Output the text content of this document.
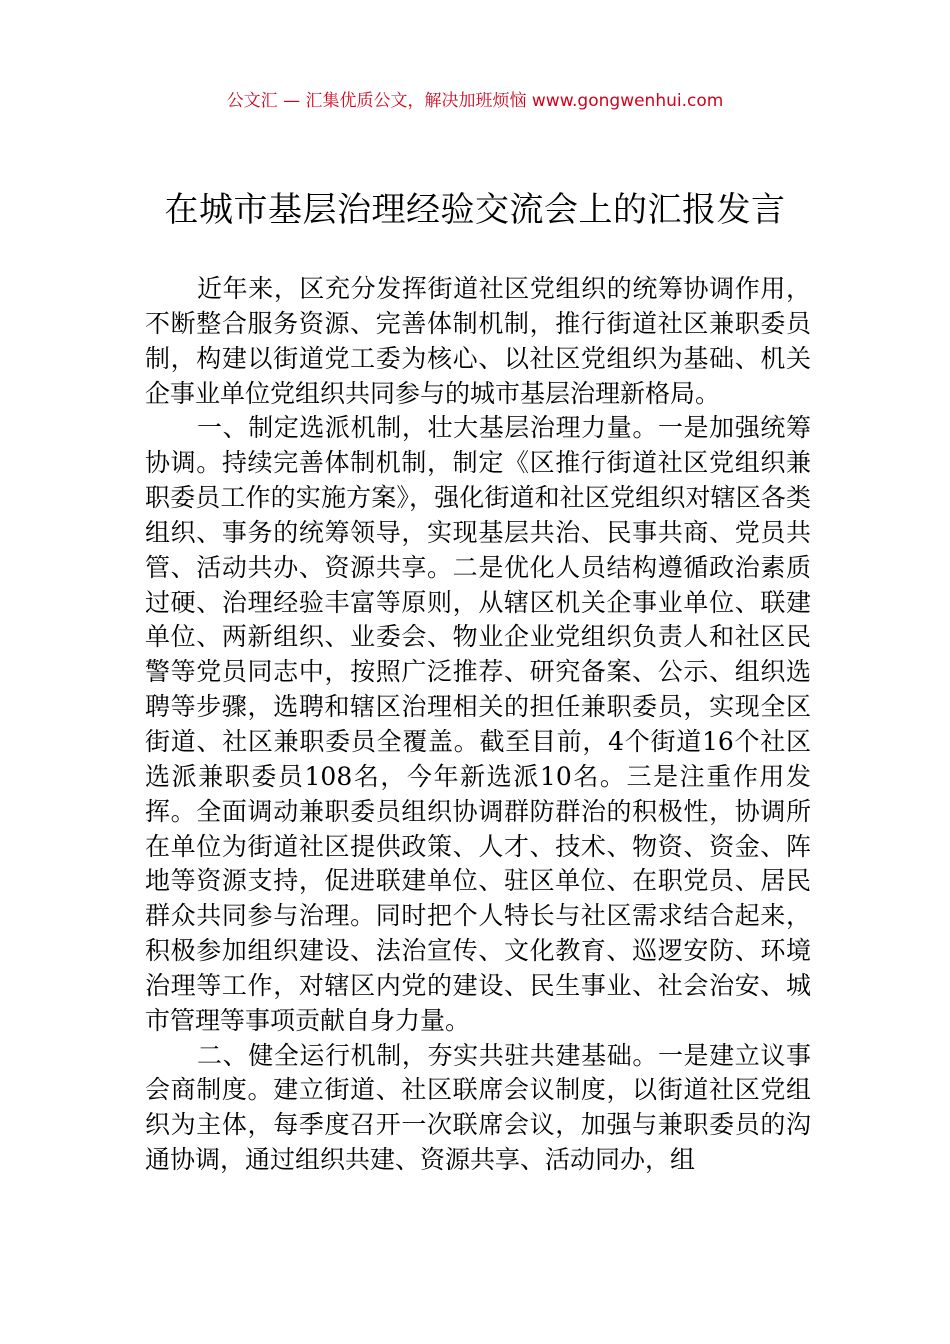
公文汇 — 汇集优质公文，解决加班烦恼 www.gongwenhui.com
在城市基层治理经验交流会上的汇报发言

近年来，区充分发挥街道社区党组织的统筹协调作用，不断整合服务资源、完善体制机制，推行街道社区兼职委员制，构建以街道党工委为核心、以社区党组织为基础、机关企事业单位党组织共同参与的城市基层治理新格局。

一、制定选派机制，壮大基层治理力量。一是加强统筹协调。持续完善体制机制，制定《区推行街道社区党组织兼职委员工作的实施方案》，强化街道和社区党组织对辖区各类组织、事务的统筹领导，实现基层共治、民事共商、党员共管、活动共办、资源共享。二是优化人员结构遵循政治素质过硬、治理经验丰富等原则，从辖区机关企事业单位、联建单位、两新组织、业委会、物业企业党组织负责人和社区民警等党员同志中，按照广泛推荐、研究备案、公示、组织选聘等步骤，选聘和辖区治理相关的担任兼职委员，实现全区街道、社区兼职委员全覆盖。截至目前，4个街道16个社区选派兼职委员108名，今年新选派10名。三是注重作用发挥。全面调动兼职委员组织协调群防群治的积极性，协调所在单位为街道社区提供政策、人才、技术、物资、资金、阵地等资源支持，促进联建单位、驻区单位、在职党员、居民群众共同参与治理。同时把个人特长与社区需求结合起来，积极参加组织建设、法治宣传、文化教育、巡逻安防、环境治理等工作，对辖区内党的建设、民生事业、社会治安、城市管理等事项贡献自身力量。

二、健全运行机制，夯实共驻共建基础。一是建立议事会商制度。建立街道、社区联席会议制度，以街道社区党组织为主体，每季度召开一次联席会议，加强与兼职委员的沟通协调，通过组织共建、资源共享、活动同办，组
